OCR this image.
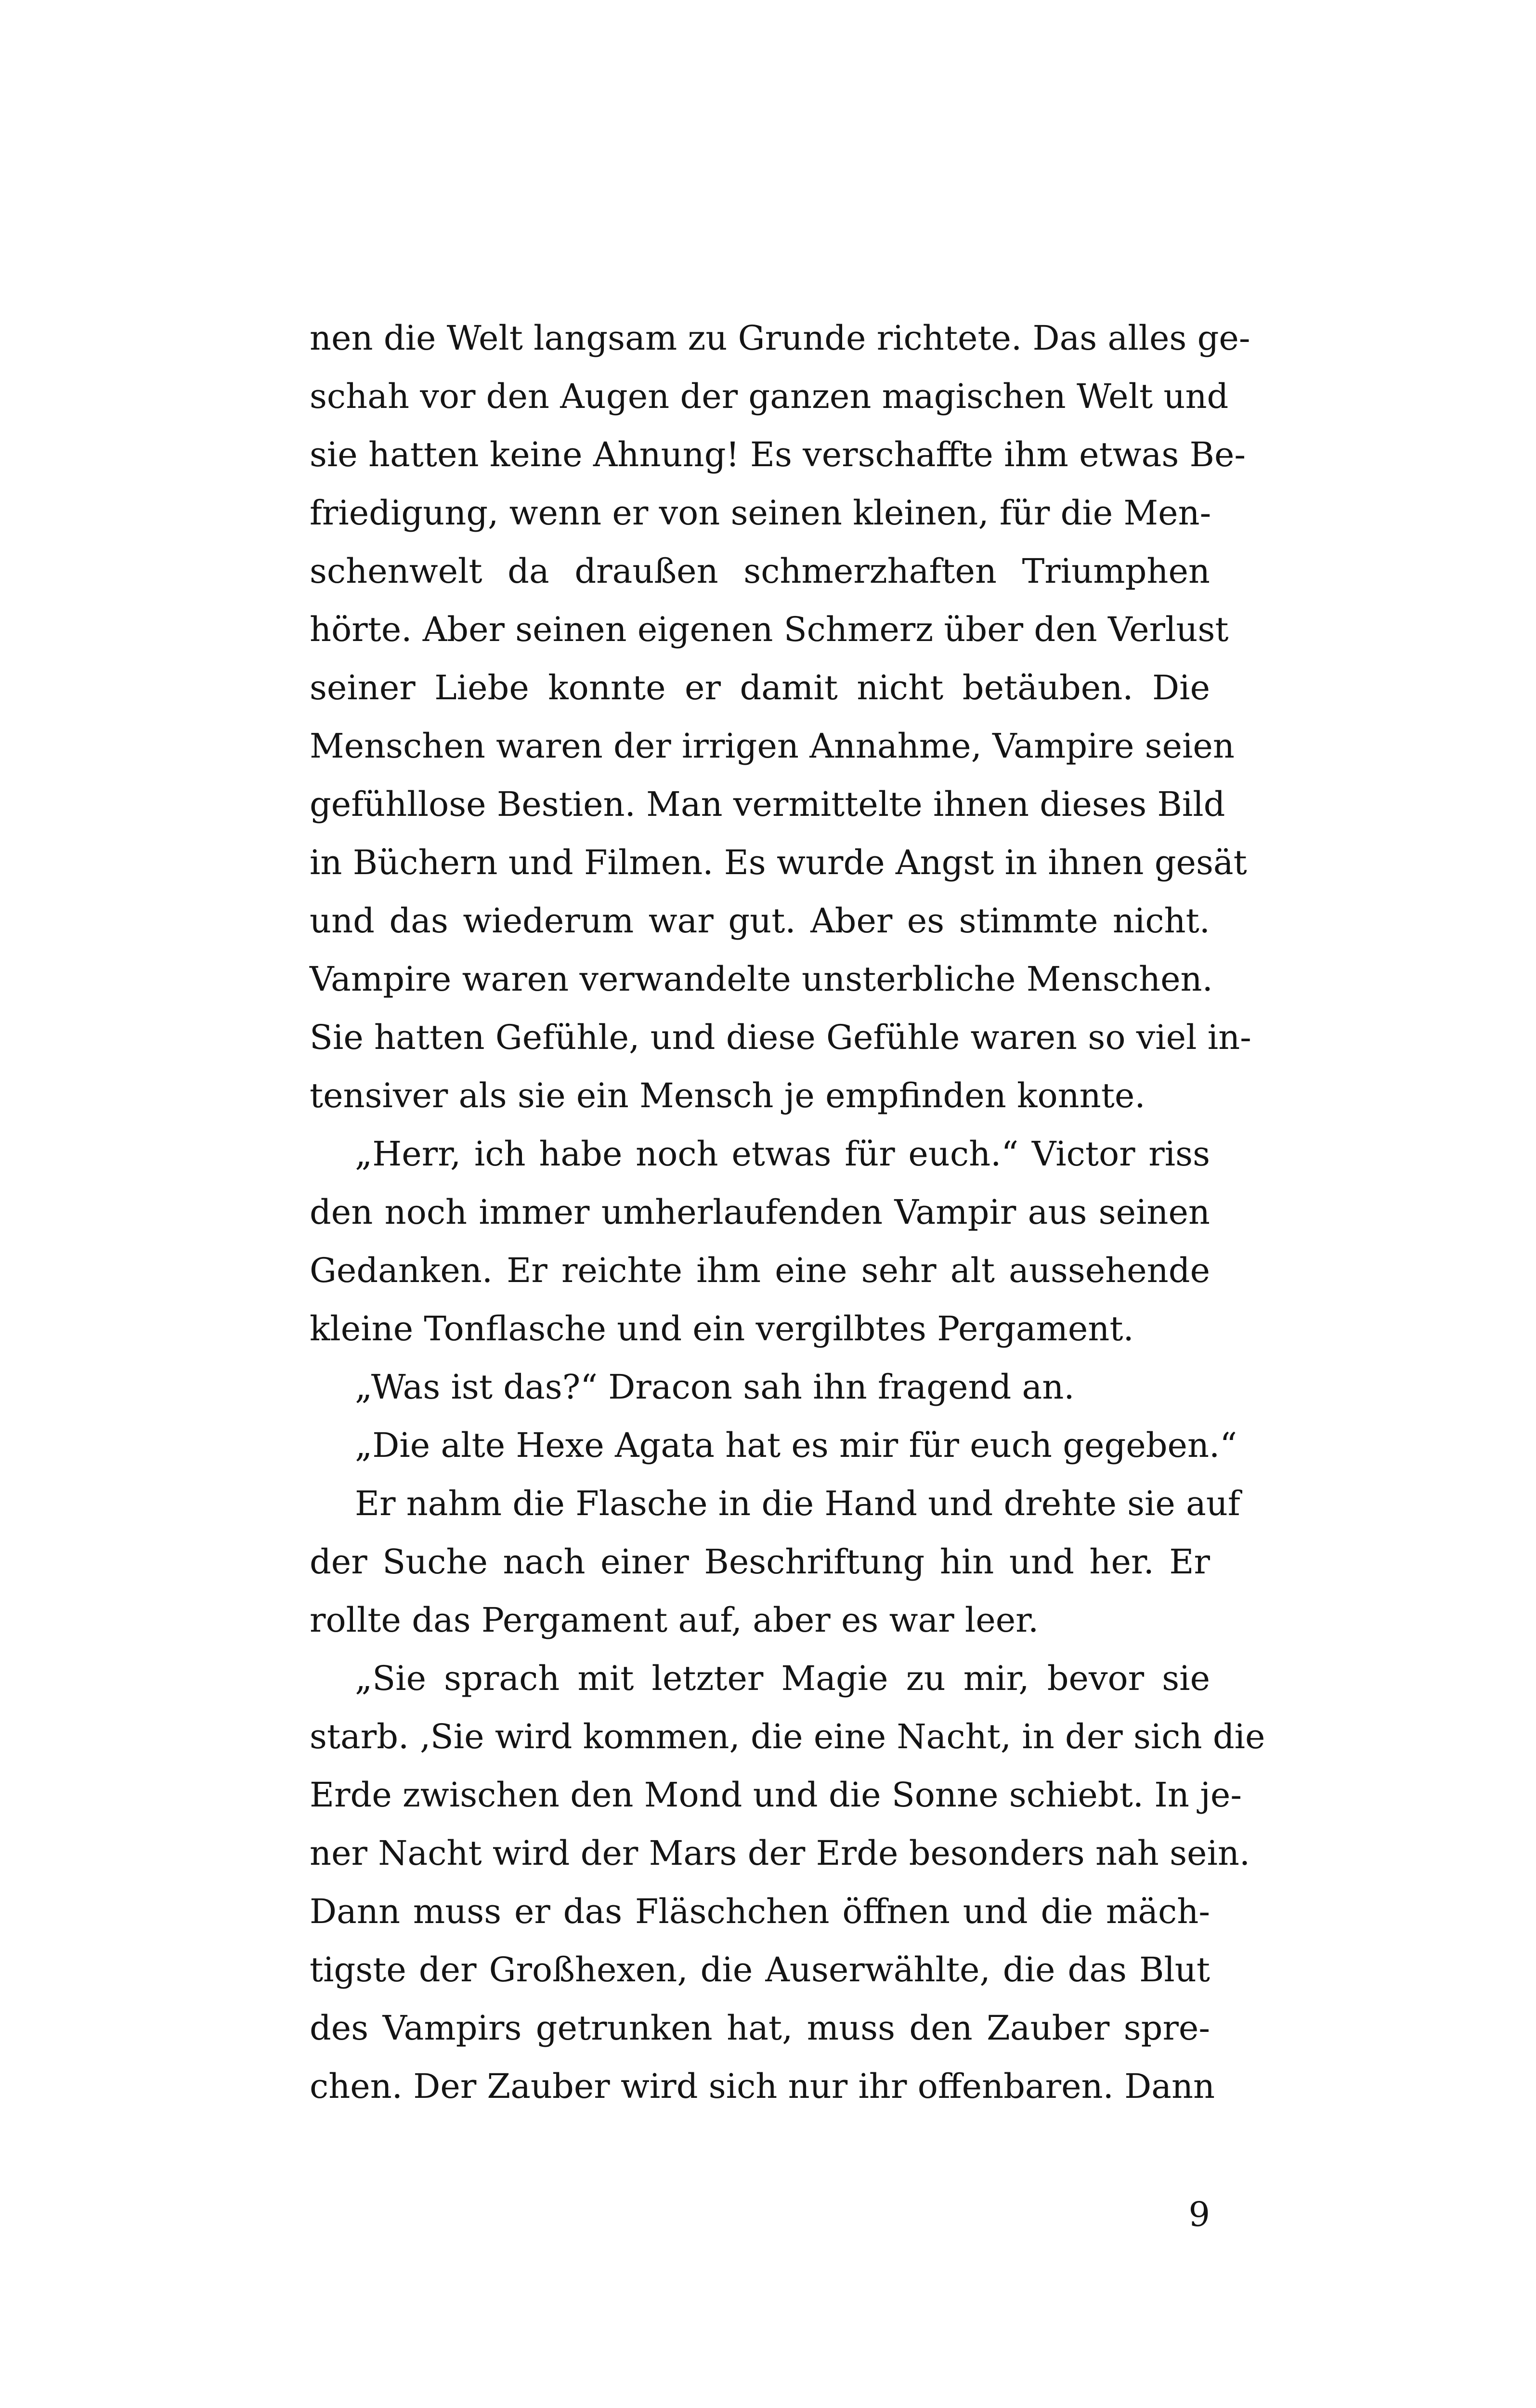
nen die Welt langsam zu Grunde richtete. Das alles ge-
schah vor den Augen der ganzen magischen Welt und
sie hatten keine Ahnung! Es verschaffte ihm etwas Be-
friedigung, wenn er von seinen kleinen, für die Men-
schenwelt da draußen schmerzhaften Triumphen
hörte. Aber seinen eigenen Schmerz über den Verlust
seiner Liebe konnte er damit nicht betäuben. Die
Menschen waren der irrigen Annahme, Vampire seien
gefühllose Bestien. Man vermittelte ihnen dieses Bild
in Büchern und Filmen. Es wurde Angst in ihnen gesät
und das wiederum war gut. Aber es stimmte nicht.
Vampire waren verwandelte unsterbliche Menschen.
Sie hatten Gefühle, und diese Gefühle waren so viel in-
tensiver als sie ein Mensch je empfinden konnte.
„Herr, ich habe noch etwas für euch.“ Victor riss
den noch immer umherlaufenden Vampir aus seinen
Gedanken. Er reichte ihm eine sehr alt aussehende
kleine Tonflasche und ein vergilbtes Pergament.
„Was ist das?“ Dracon sah ihn fragend an.
„Die alte Hexe Agata hat es mir für euch gegeben.“
Er nahm die Flasche in die Hand und drehte sie auf
der Suche nach einer Beschriftung hin und her. Er
rollte das Pergament auf, aber es war leer.
„Sie sprach mit letzter Magie zu mir, bevor sie
starb. ‚Sie wird kommen, die eine Nacht, in der sich die
Erde zwischen den Mond und die Sonne schiebt. In je-
ner Nacht wird der Mars der Erde besonders nah sein.
Dann muss er das Fläschchen öffnen und die mäch-
tigste der Großhexen, die Auserwählte, die das Blut
des Vampirs getrunken hat, muss den Zauber spre-
chen. Der Zauber wird sich nur ihr offenbaren. Dann
9
